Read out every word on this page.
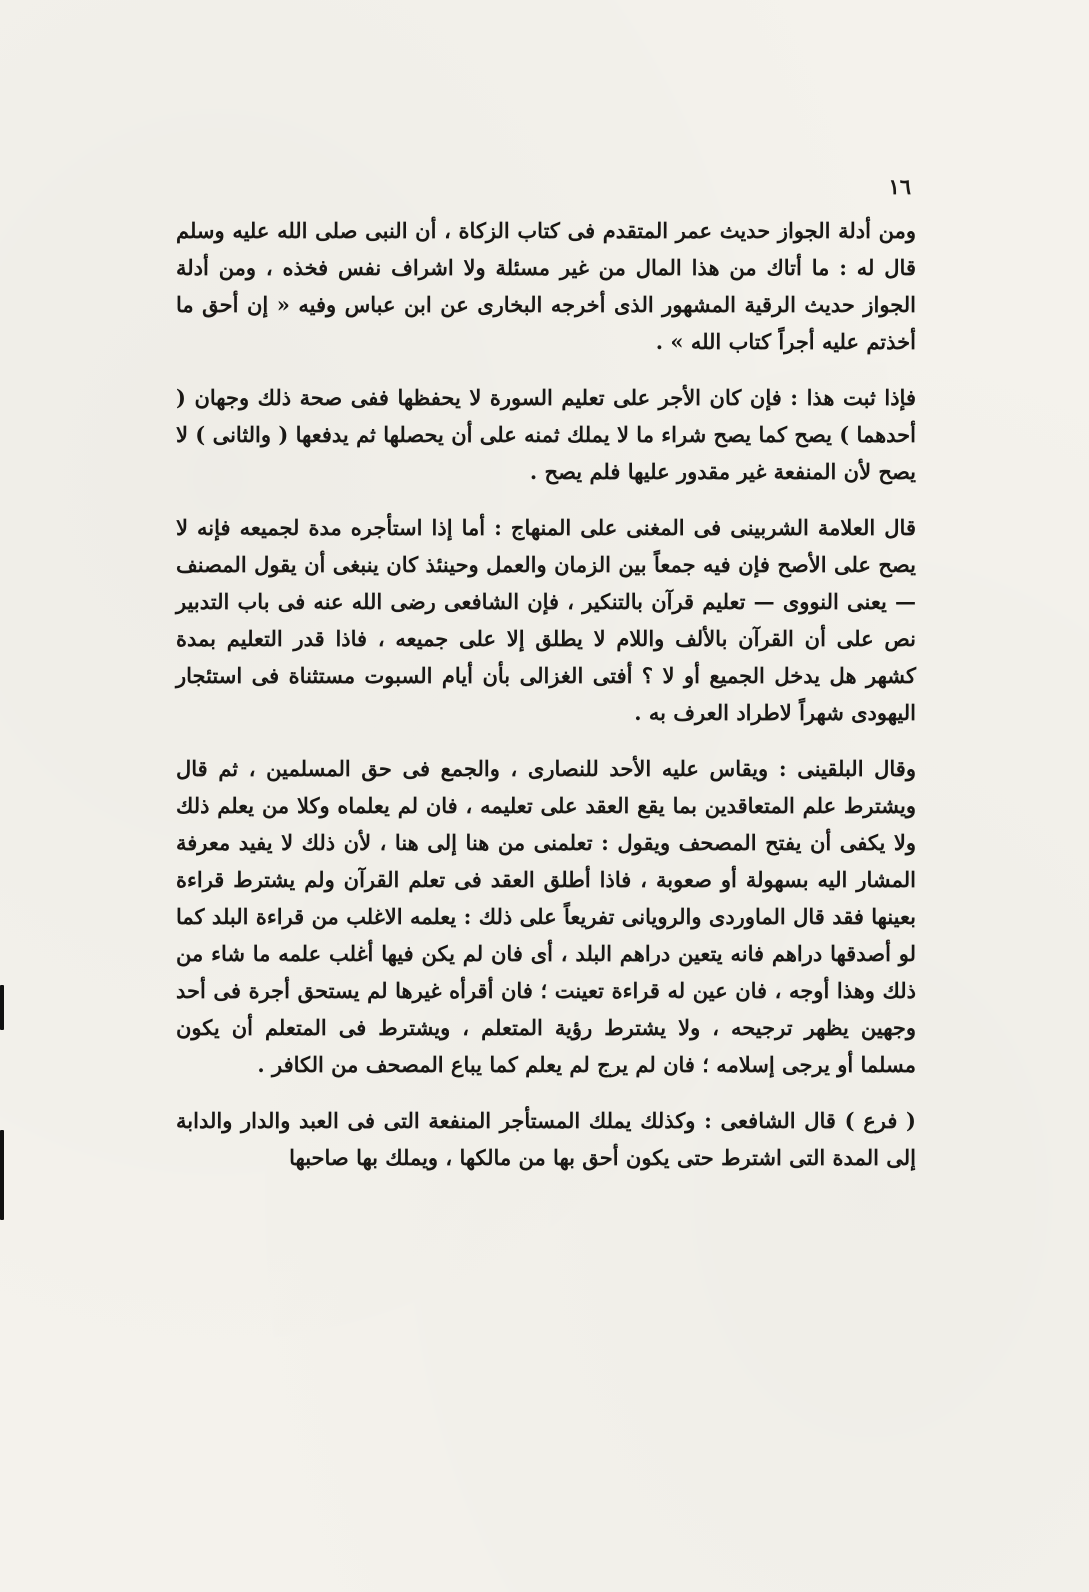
١٦

ومن أدلة الجواز حديث عمر المتقدم فى كتاب الزكاة ، أن النبى صلى الله عليه وسلم قال له : ما أتاك من هذا المال من غير مسئلة ولا اشراف نفس فخذه ، ومن أدلة الجواز حديث الرقية المشهور الذى أخرجه البخارى عن ابن عباس وفيه « إن أحق ما أخذتم عليه أجراً كتاب الله » .

فإذا ثبت هذا : فإن كان الأجر على تعليم السورة لا يحفظها ففى صحة ذلك وجهان ( أحدهما ) يصح كما يصح شراء ما لا يملك ثمنه على أن يحصلها ثم يدفعها ( والثانى ) لا يصح لأن المنفعة غير مقدور عليها فلم يصح .

قال العلامة الشربينى فى المغنى على المنهاج : أما إذا استأجره مدة لجميعه فإنه لا يصح على الأصح فإن فيه جمعاً بين الزمان والعمل وحينئذ كان ينبغى أن يقول المصنف — يعنى النووى — تعليم قرآن بالتنكير ، فإن الشافعى رضى الله عنه فى باب التدبير نص على أن القرآن بالألف واللام لا يطلق إلا على جميعه ، فاذا قدر التعليم بمدة كشهر هل يدخل الجميع أو لا ؟ أفتى الغزالى بأن أيام السبوت مستثناة فى استئجار اليهودى شهراً لاطراد العرف به .

وقال البلقينى : ويقاس عليه الأحد للنصارى ، والجمع فى حق المسلمين ، ثم قال ويشترط علم المتعاقدين بما يقع العقد على تعليمه ، فان لم يعلماه وكلا من يعلم ذلك ولا يكفى أن يفتح المصحف ويقول : تعلمنى من هنا إلى هنا ، لأن ذلك لا يفيد معرفة المشار اليه بسهولة أو صعوبة ، فاذا أطلق العقد فى تعلم القرآن ولم يشترط قراءة بعينها فقد قال الماوردى والرويانى تفريعاً على ذلك : يعلمه الاغلب من قراءة البلد كما لو أصدقها دراهم فانه يتعين دراهم البلد ، أى فان لم يكن فيها أغلب علمه ما شاء من ذلك وهذا أوجه ، فان عين له قراءة تعينت ؛ فان أقرأه غيرها لم يستحق أجرة فى أحد وجهين يظهر ترجيحه ، ولا يشترط رؤية المتعلم ، ويشترط فى المتعلم أن يكون مسلما أو يرجى إسلامه ؛ فان لم يرج لم يعلم كما يباع المصحف من الكافر .

( فرع ) قال الشافعى : وكذلك يملك المستأجر المنفعة التى فى العبد والدار والدابة إلى المدة التى اشترط حتى يكون أحق بها من مالكها ، ويملك بها صاحبها
